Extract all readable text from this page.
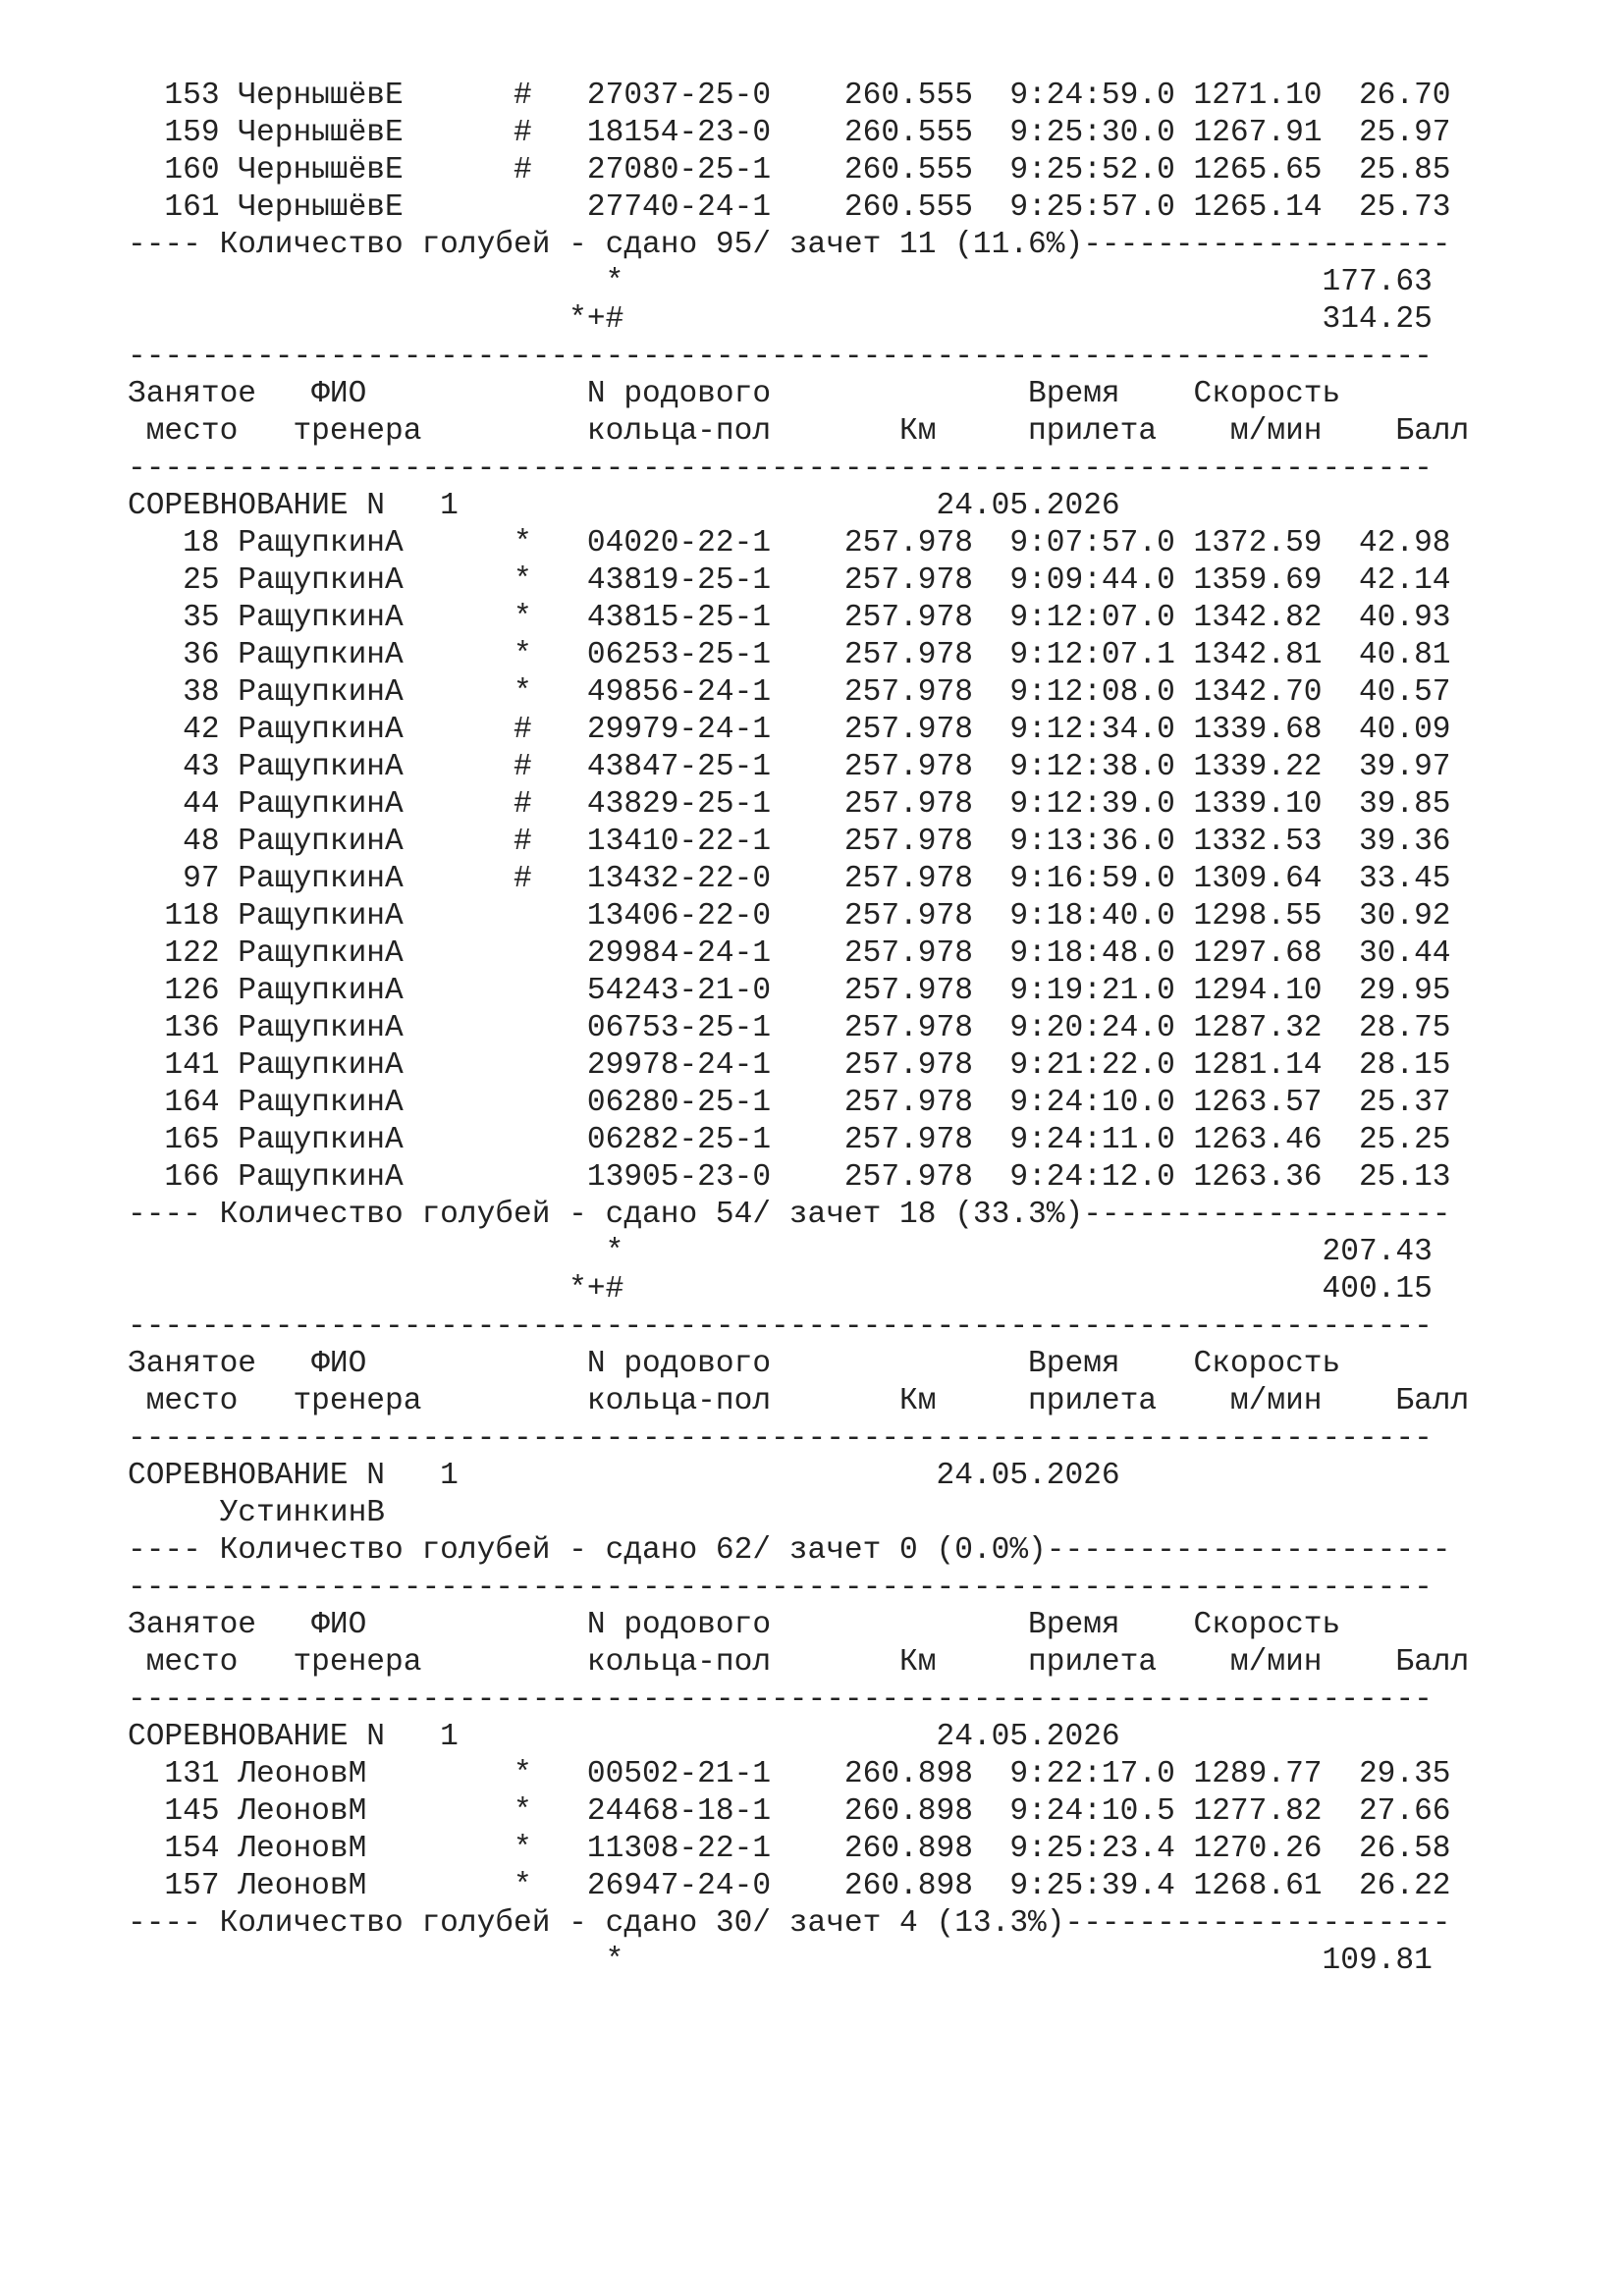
153 ЧернышёвЕ      #   27037-25-0    260.555  9:24:59.0 1271.10  26.70
159 ЧернышёвЕ      #   18154-23-0    260.555  9:25:30.0 1267.91  25.97
160 ЧернышёвЕ      #   27080-25-1    260.555  9:25:52.0 1265.65  25.85
161 ЧернышёвЕ          27740-24-1    260.555  9:25:57.0 1265.14  25.73
---- Количество голубей - сдано 95/ зачет 11 (11.6%)--------------------
*                                      177.63
*+#                                      314.25
-----------------------------------------------------------------------
Занятое   ФИО            N родового              Время    Скорость
место   тренера         кольца-пол       Км     прилета    м/мин    Балл
-----------------------------------------------------------------------
СОРЕВНОВАНИЕ N   1                          24.05.2026
18 РащупкинА      *   04020-22-1    257.978  9:07:57.0 1372.59  42.98
25 РащупкинА      *   43819-25-1    257.978  9:09:44.0 1359.69  42.14
35 РащупкинА      *   43815-25-1    257.978  9:12:07.0 1342.82  40.93
36 РащупкинА      *   06253-25-1    257.978  9:12:07.1 1342.81  40.81
38 РащупкинА      *   49856-24-1    257.978  9:12:08.0 1342.70  40.57
42 РащупкинА      #   29979-24-1    257.978  9:12:34.0 1339.68  40.09
43 РащупкинА      #   43847-25-1    257.978  9:12:38.0 1339.22  39.97
44 РащупкинА      #   43829-25-1    257.978  9:12:39.0 1339.10  39.85
48 РащупкинА      #   13410-22-1    257.978  9:13:36.0 1332.53  39.36
97 РащупкинА      #   13432-22-0    257.978  9:16:59.0 1309.64  33.45
118 РащупкинА          13406-22-0    257.978  9:18:40.0 1298.55  30.92
122 РащупкинА          29984-24-1    257.978  9:18:48.0 1297.68  30.44
126 РащупкинА          54243-21-0    257.978  9:19:21.0 1294.10  29.95
136 РащупкинА          06753-25-1    257.978  9:20:24.0 1287.32  28.75
141 РащупкинА          29978-24-1    257.978  9:21:22.0 1281.14  28.15
164 РащупкинА          06280-25-1    257.978  9:24:10.0 1263.57  25.37
165 РащупкинА          06282-25-1    257.978  9:24:11.0 1263.46  25.25
166 РащупкинА          13905-23-0    257.978  9:24:12.0 1263.36  25.13
---- Количество голубей - сдано 54/ зачет 18 (33.3%)--------------------
*                                      207.43
*+#                                      400.15
-----------------------------------------------------------------------
Занятое   ФИО            N родового              Время    Скорость
место   тренера         кольца-пол       Км     прилета    м/мин    Балл
-----------------------------------------------------------------------
СОРЕВНОВАНИЕ N   1                          24.05.2026
УстинкинВ
---- Количество голубей - сдано 62/ зачет 0 (0.0%)----------------------
-----------------------------------------------------------------------
Занятое   ФИО            N родового              Время    Скорость
место   тренера         кольца-пол       Км     прилета    м/мин    Балл
-----------------------------------------------------------------------
СОРЕВНОВАНИЕ N   1                          24.05.2026
131 ЛеоновМ        *   00502-21-1    260.898  9:22:17.0 1289.77  29.35
145 ЛеоновМ        *   24468-18-1    260.898  9:24:10.5 1277.82  27.66
154 ЛеоновМ        *   11308-22-1    260.898  9:25:23.4 1270.26  26.58
157 ЛеоновМ        *   26947-24-0    260.898  9:25:39.4 1268.61  26.22
---- Количество голубей - сдано 30/ зачет 4 (13.3%)---------------------
*                                      109.81
